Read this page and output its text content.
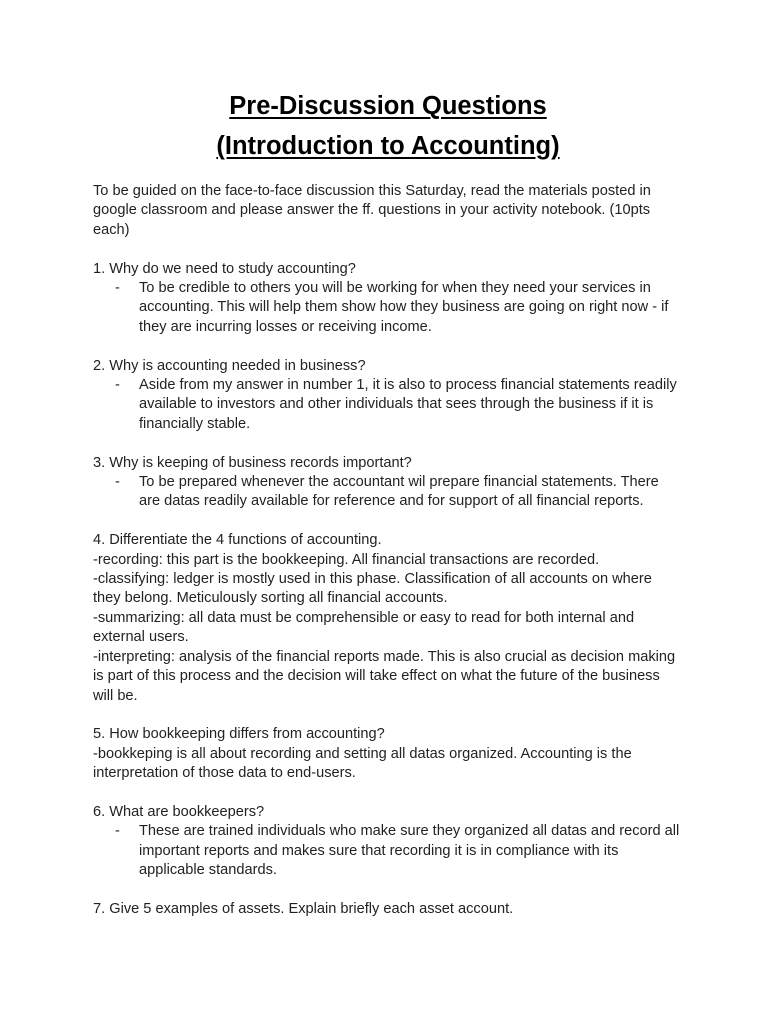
Pre-Discussion Questions
(Introduction to Accounting)

To be guided on the face-to-face discussion this Saturday, read the materials posted in google classroom and please answer the ff. questions in your activity notebook. (10pts each)

1. Why do we need to study accounting?

-	To be credible to others you will be working for when they need your services in accounting. This will help them show how they business are going on right now - if they are incurring losses or receiving income.

2. Why is accounting needed in business?

-	Aside from my answer in number 1, it is also to process financial statements readily available to investors and other individuals that sees through the business if it is financially stable.

3. Why is keeping of business records important?

-	To be prepared whenever the accountant wil prepare financial statements. There are datas readily available for reference and for support of all financial reports.

4. Differentiate the 4 functions of accounting.

-recording: this part is the bookkeeping. All financial transactions are recorded.

-classifying: ledger is mostly used in this phase. Classification of all accounts on where they belong. Meticulously sorting all financial accounts.

-summarizing: all data must be comprehensible or easy to read for both internal and external users.

-interpreting: analysis of the financial reports made. This is also crucial as decision making is part of this process and the decision will take effect on what the future of the business will be.

5. How bookkeeping differs from accounting?

-bookkeping is all about recording and setting all datas organized. Accounting is the interpretation of those data to end-users.

6. What are bookkeepers?

-	These are trained individuals who make sure they organized all datas and record all important reports and makes sure that recording it is in compliance with its applicable standards.

7. Give 5 examples of assets. Explain briefly each asset account.
